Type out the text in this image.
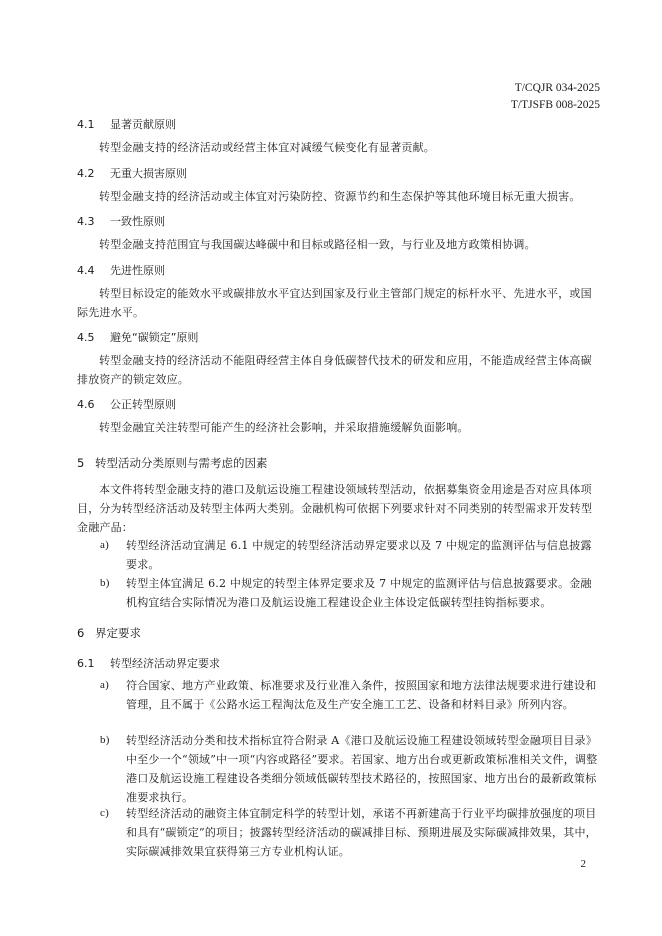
T/CQJR 034-2025
T/TJSFB 008-2025
4.1 显著贡献原则
转型金融支持的经济活动或经营主体宜对减缓气候变化有显著贡献。
4.2 无重大损害原则
转型金融支持的经济活动或主体宜对污染防控、资源节约和生态保护等其他环境目标无重大损害。
4.3 一致性原则
转型金融支持范围宜与我国碳达峰碳中和目标或路径相一致，与行业及地方政策相协调。
4.4 先进性原则
转型目标设定的能效水平或碳排放水平宜达到国家及行业主管部门规定的标杆水平、先进水平，或国际先进水平。
4.5 避免“碳锁定”原则
转型金融支持的经济活动不能阻碍经营主体自身低碳替代技术的研发和应用，不能造成经营主体高碳排放资产的锁定效应。
4.6 公正转型原则
转型金融宜关注转型可能产生的经济社会影响，并采取措施缓解负面影响。
5 转型活动分类原则与需考虑的因素
本文件将转型金融支持的港口及航运设施工程建设领域转型活动，依据募集资金用途是否对应具体项目，分为转型经济活动及转型主体两大类别。金融机构可依据下列要求针对不同类别的转型需求开发转型金融产品：
a)	转型经济活动宜满足 6.1 中规定的转型经济活动界定要求以及 7 中规定的监测评估与信息披露要求。
b)	转型主体宜满足 6.2 中规定的转型主体界定要求及 7 中规定的监测评估与信息披露要求。金融机构宜结合实际情况为港口及航运设施工程建设企业主体设定低碳转型挂钩指标要求。
6 界定要求
6.1 转型经济活动界定要求
a)	符合国家、地方产业政策、标准要求及行业准入条件，按照国家和地方法律法规要求进行建设和管理，且不属于《公路水运工程淘汰危及生产安全施工工艺、设备和材料目录》所列内容。
b)	转型经济活动分类和技术指标宜符合附录 A《港口及航运设施工程建设领域转型金融项目目录》中至少一个“领域”中一项“内容或路径”要求。若国家、地方出台或更新政策标准相关文件，调整港口及航运设施工程建设各类细分领域低碳转型技术路径的，按照国家、地方出台的最新政策标准要求执行。
c)	转型经济活动的融资主体宜制定科学的转型计划，承诺不再新建高于行业平均碳排放强度的项目和具有“碳锁定”的项目；披露转型经济活动的碳减排目标、预期进展及实际碳减排效果，其中，实际碳减排效果宜获得第三方专业机构认证。
2
